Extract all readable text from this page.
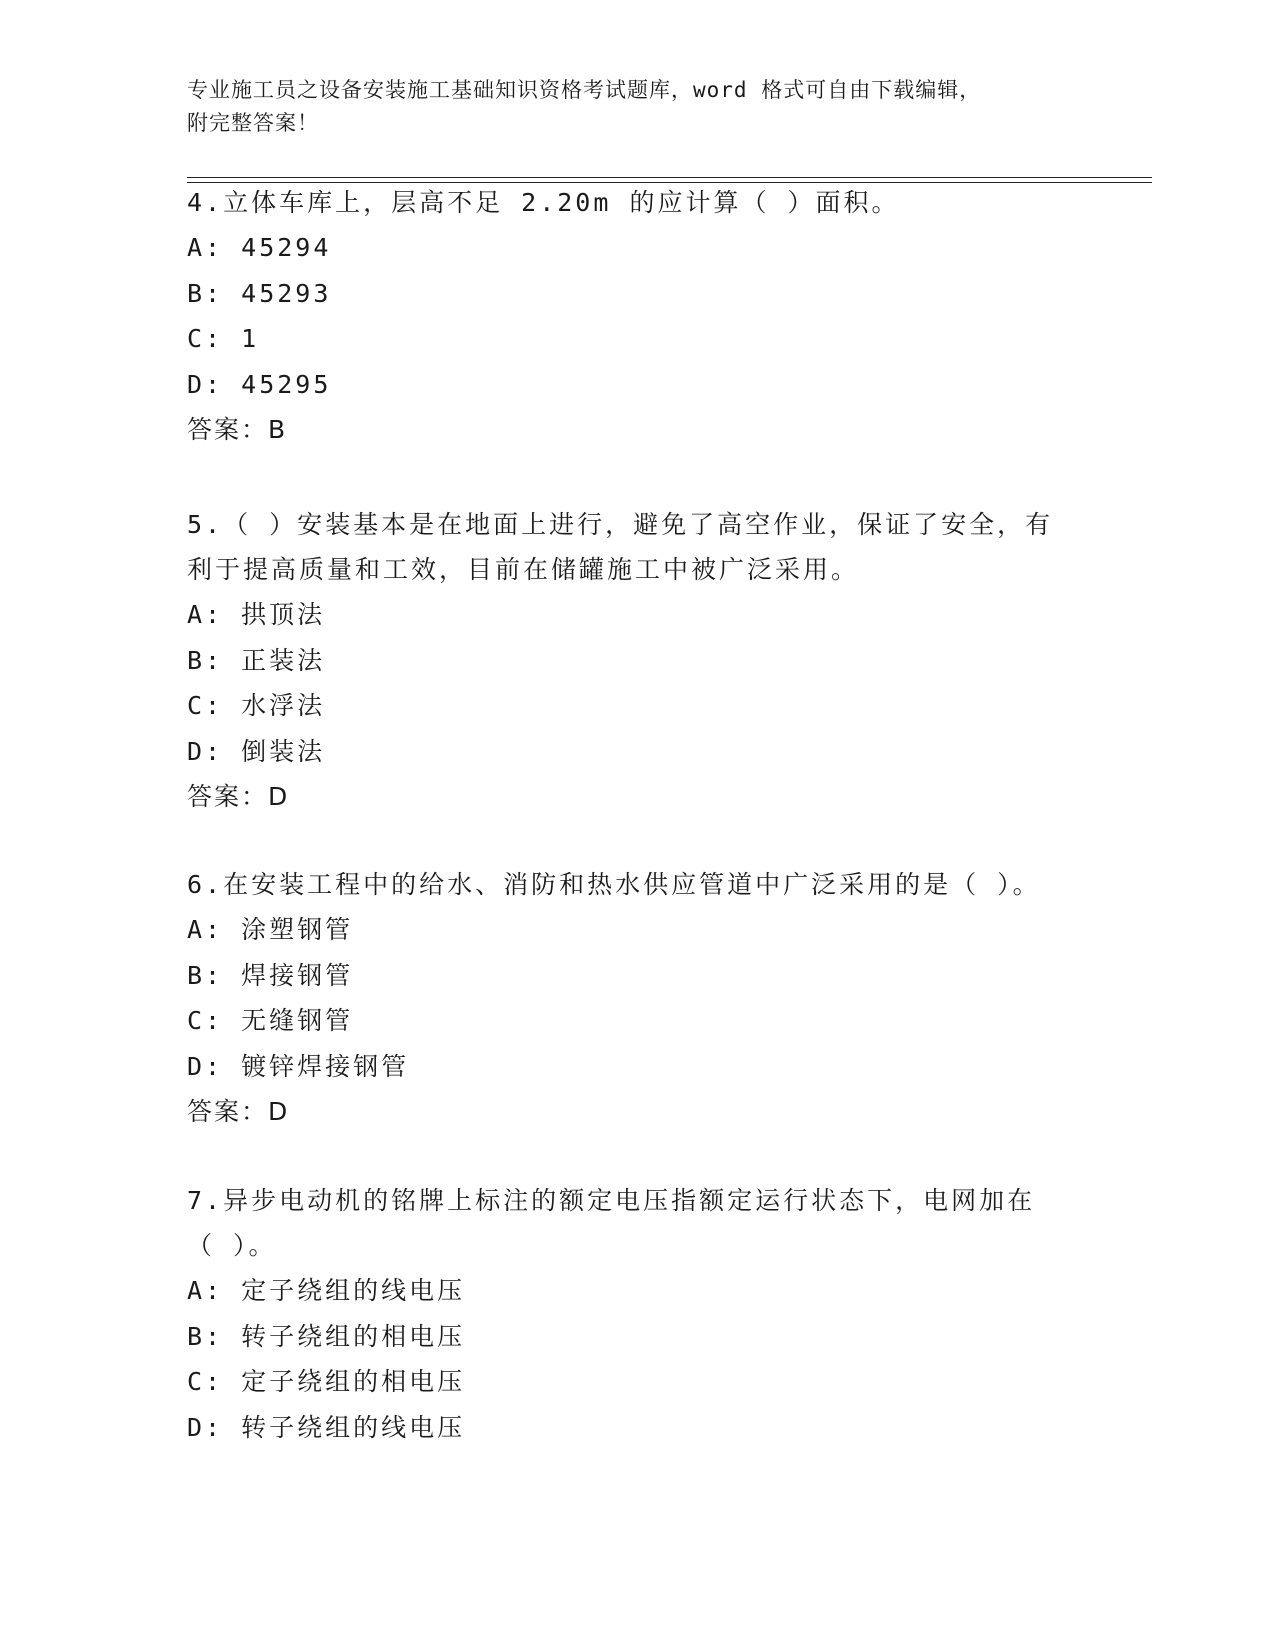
专业施工员之设备安装施工基础知识资格考试题库，word 格式可自由下载编辑，
附完整答案！
4.立体车库上，层高不足 2.20m 的应计算（ ）面积。
A: 45294
B: 45293
C: 1
D: 45295
答案：B
5.（ ）安装基本是在地面上进行，避免了高空作业，保证了安全，有
利于提高质量和工效，目前在储罐施工中被广泛采用。
A: 拱顶法
B: 正装法
C: 水浮法
D: 倒装法
答案：D
6.在安装工程中的给水、消防和热水供应管道中广泛采用的是（ ）。
A: 涂塑钢管
B: 焊接钢管
C: 无缝钢管
D: 镀锌焊接钢管
答案：D
7.异步电动机的铭牌上标注的额定电压指额定运行状态下，电网加在
（ ）。
A: 定子绕组的线电压
B: 转子绕组的相电压
C: 定子绕组的相电压
D: 转子绕组的线电压
